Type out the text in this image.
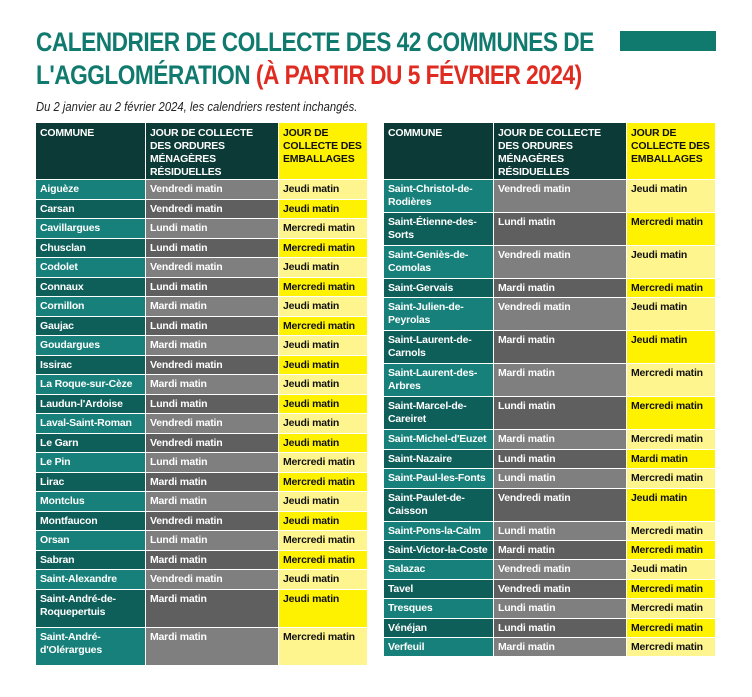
CALENDRIER DE COLLECTE DES 42 COMMUNES DE
L'AGGLOMÉRATION (À PARTIR DU 5 FÉVRIER 2024)
Du 2 janvier au 2 février 2024, les calendriers restent inchangés.
COMMUNE	JOUR DE COLLECTE DES ORDURES MÉNAGÈRES RÉSIDUELLES	JOUR DE COLLECTE DES EMBALLAGES
Aiguèze	Vendredi matin	Jeudi matin
Carsan	Vendredi matin	Jeudi matin
Cavillargues	Lundi matin	Mercredi matin
Chusclan	Lundi matin	Mercredi matin
Codolet	Vendredi matin	Jeudi matin
Connaux	Lundi matin	Mercredi matin
Cornillon	Mardi matin	Jeudi matin
Gaujac	Lundi matin	Mercredi matin
Goudargues	Mardi matin	Jeudi matin
Issirac	Vendredi matin	Jeudi matin
La Roque-sur-Cèze	Mardi matin	Jeudi matin
Laudun-l'Ardoise	Lundi matin	Jeudi matin
Laval-Saint-Roman	Vendredi matin	Jeudi matin
Le Garn	Vendredi matin	Jeudi matin
Le Pin	Lundi matin	Mercredi matin
Lirac	Mardi matin	Mercredi matin
Montclus	Mardi matin	Jeudi matin
Montfaucon	Vendredi matin	Jeudi matin
Orsan	Lundi matin	Mercredi matin
Sabran	Mardi matin	Mercredi matin
Saint-Alexandre	Vendredi matin	Jeudi matin
Saint-André-de-Roquepertuis	Mardi matin	Jeudi matin
Saint-André-d'Olérargues	Mardi matin	Mercredi matin
COMMUNE	JOUR DE COLLECTE DES ORDURES MÉNAGÈRES RÉSIDUELLES	JOUR DE COLLECTE DES EMBALLAGES
Saint-Christol-de-Rodières	Vendredi matin	Jeudi matin
Saint-Étienne-des-Sorts	Lundi matin	Mercredi matin
Saint-Geniès-de-Comolas	Vendredi matin	Jeudi matin
Saint-Gervais	Mardi matin	Mercredi matin
Saint-Julien-de-Peyrolas	Vendredi matin	Jeudi matin
Saint-Laurent-de-Carnols	Mardi matin	Jeudi matin
Saint-Laurent-des-Arbres	Mardi matin	Mercredi matin
Saint-Marcel-de-Careiret	Lundi matin	Mercredi matin
Saint-Michel-d'Euzet	Mardi matin	Mercredi matin
Saint-Nazaire	Lundi matin	Mardi matin
Saint-Paul-les-Fonts	Lundi matin	Mercredi matin
Saint-Paulet-de-Caisson	Vendredi matin	Jeudi matin
Saint-Pons-la-Calm	Lundi matin	Mercredi matin
Saint-Victor-la-Coste	Mardi matin	Mercredi matin
Salazac	Vendredi matin	Jeudi matin
Tavel	Vendredi matin	Mercredi matin
Tresques	Lundi matin	Mercredi matin
Vénéjan	Lundi matin	Mercredi matin
Verfeuil	Mardi matin	Mercredi matin
